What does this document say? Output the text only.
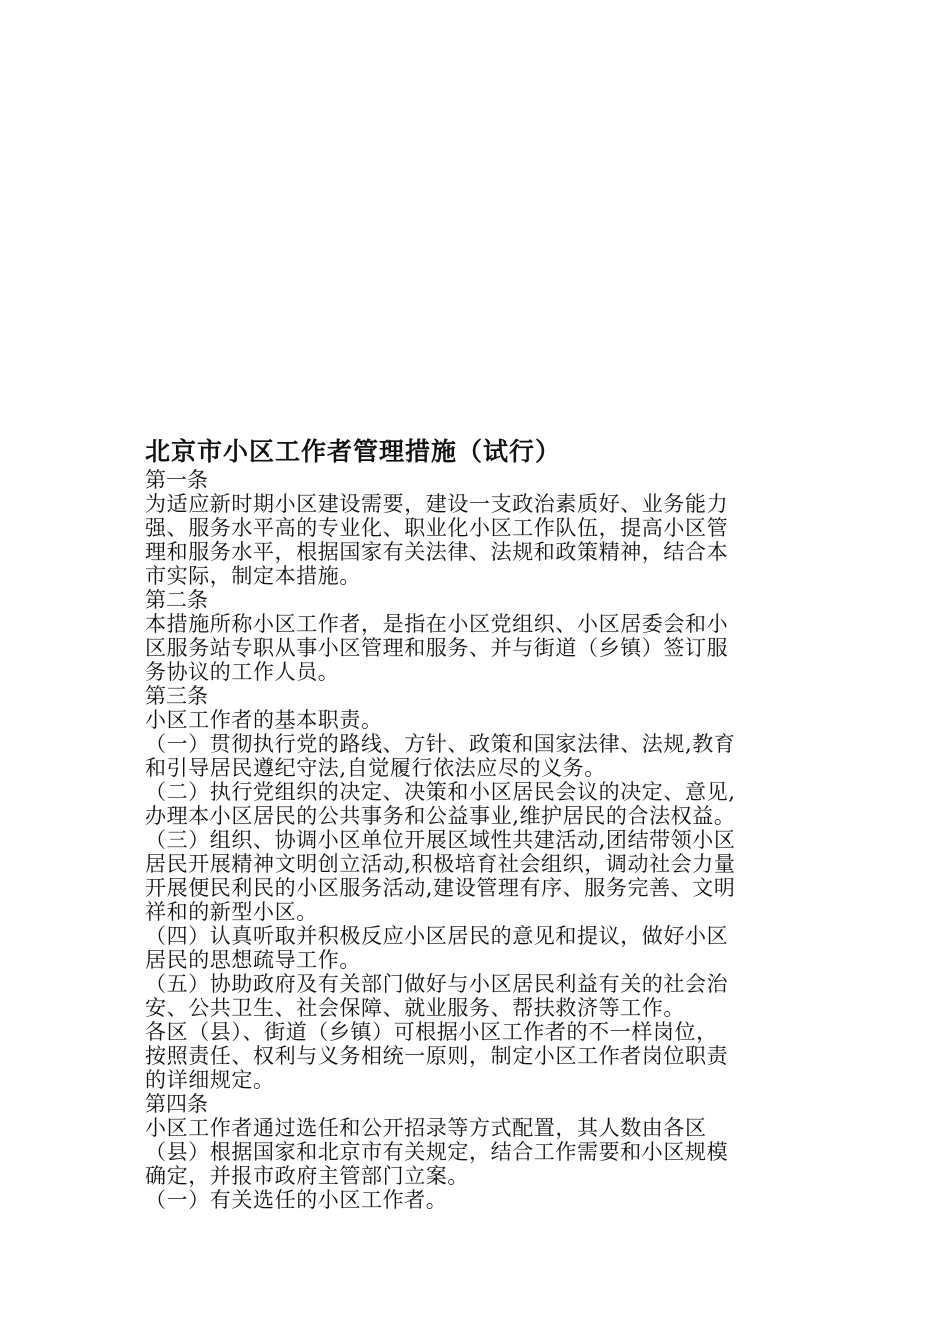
北京市小区工作者管理措施（试行）

第一条

为适应新时期小区建设需要，建设一支政治素质好、业务能力

强、服务水平高的专业化、职业化小区工作队伍，提高小区管

理和服务水平，根据国家有关法律、法规和政策精神，结合本

市实际，制定本措施。

第二条

本措施所称小区工作者，是指在小区党组织、小区居委会和小

区服务站专职从事小区管理和服务、并与街道（乡镇）签订服

务协议的工作人员。

第三条

小区工作者的基本职责。

（一）贯彻执行党的路线、方针、政策和国家法律、法规,教育

和引导居民遵纪守法,自觉履行依法应尽的义务。

（二）执行党组织的决定、决策和小区居民会议的决定、意见,

办理本小区居民的公共事务和公益事业,维护居民的合法权益。

（三）组织、协调小区单位开展区域性共建活动,团结带领小区

居民开展精神文明创立活动,积极培育社会组织，调动社会力量

开展便民利民的小区服务活动,建设管理有序、服务完善、文明

祥和的新型小区。

（四）认真听取并积极反应小区居民的意见和提议，做好小区

居民的思想疏导工作。

（五）协助政府及有关部门做好与小区居民利益有关的社会治

安、公共卫生、社会保障、就业服务、帮扶救济等工作。

各区（县）、街道（乡镇）可根据小区工作者的不一样岗位，

按照责任、权利与义务相统一原则，制定小区工作者岗位职责

的详细规定。

第四条

小区工作者通过选任和公开招录等方式配置，其人数由各区

（县）根据国家和北京市有关规定，结合工作需要和小区规模

确定，并报市政府主管部门立案。

（一）有关选任的小区工作者。
